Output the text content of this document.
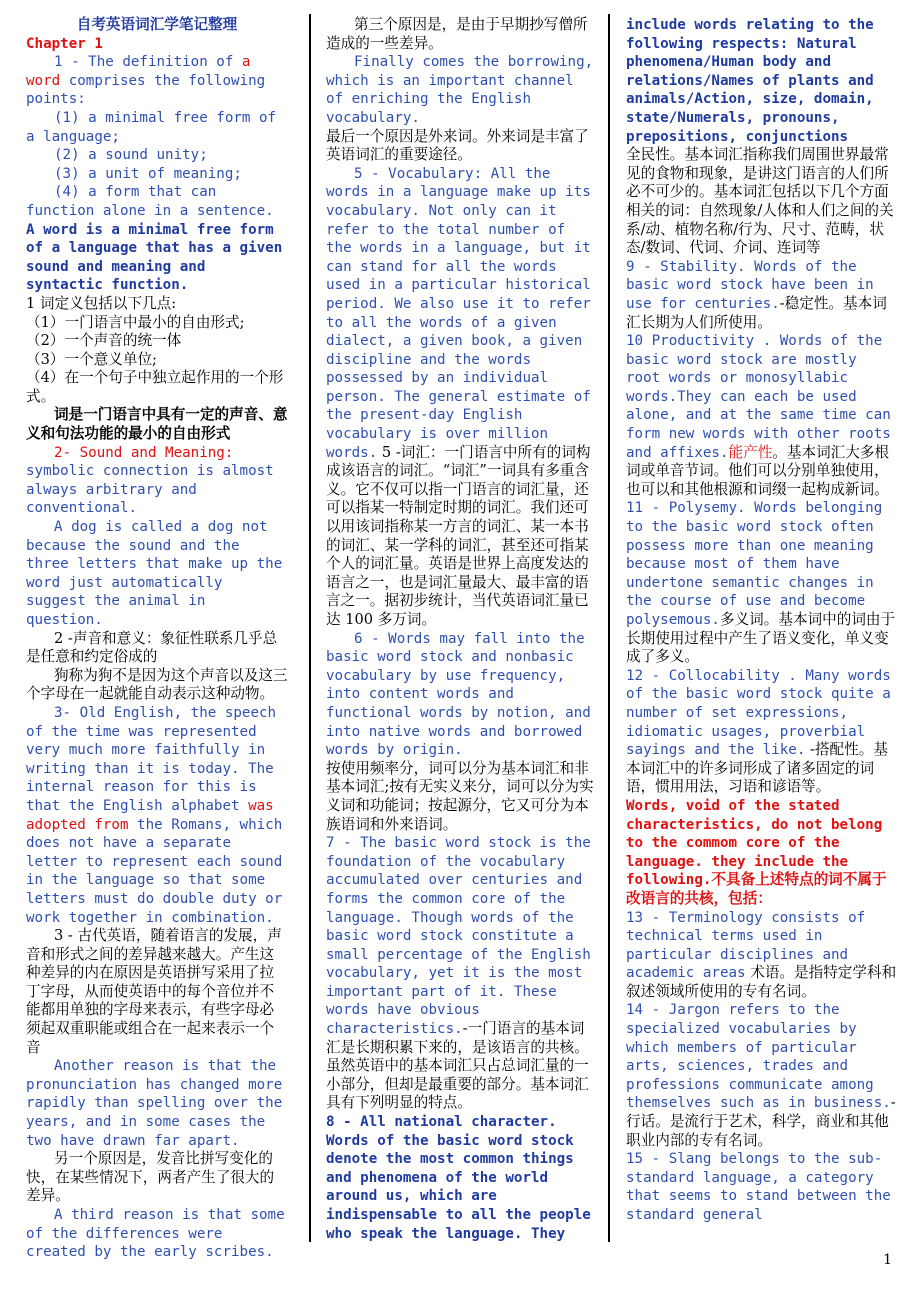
自考英语词汇学笔记整理

Chapter 1

1 - The definition of a word comprises the following points:

(1) a minimal free form of a language;

(2) a sound unity;

(3) a unit of meaning;

(4) a form that can function alone in a sentence.

A word is a minimal free form of a language that has a given sound and meaning and syntactic function.

1 词定义包括以下几点:

（1）一门语言中最小的自由形式;

（2）一个声音的统一体

（3）一个意义单位;

（4）在一个句子中独立起作用的一个形式。

词是一门语言中具有一定的声音、意义和句法功能的最小的自由形式

2- Sound and Meaning:

symbolic connection is almost always arbitrary and conventional.

A dog is called a dog not because the sound and the three letters that make up the word just automatically suggest the animal in question.

2 -声音和意义：象征性联系几乎总是任意和约定俗成的

狗称为狗不是因为这个声音以及这三个字母在一起就能自动表示这种动物。

3- Old English, the speech of the time was represented very much more faithfully in writing than it is today. The internal reason for this is that the English alphabet was adopted from the Romans, which does not have a separate letter to represent each sound in the language so that some letters must do double duty or work together in combination.

3 - 古代英语，随着语言的发展，声音和形式之间的差异越来越大。产生这种差异的内在原因是英语拼写采用了拉丁字母，从而使英语中的每个音位并不能都用单独的字母来表示，有些字母必须起双重职能或组合在一起来表示一个音

Another reason is that the pronunciation has changed more rapidly than spelling over the years, and in some cases the two have drawn far apart.

另一个原因是，发音比拼写变化的快，在某些情况下，两者产生了很大的差异。

A third reason is that some of the differences were created by the early scribes.

第三个原因是，是由于早期抄写僧所造成的一些差异。

Finally comes the borrowing, which is an important channel of enriching the English vocabulary.

最后一个原因是外来词。外来词是丰富了英语词汇的重要途径。

5 - Vocabulary: All the words in a language make up its vocabulary. Not only can it refer to the total number of the words in a language, but it can stand for all the words used in a particular historical period. We also use it to refer to all the words of a given dialect, a given book, a given discipline and the words possessed by an individual person. The general estimate of the present-day English vocabulary is over million words. 5 -词汇：一门语言中所有的词构成该语言的词汇。“词汇”一词具有多重含义。它不仅可以指一门语言的词汇量，还可以指某一特制定时期的词汇。我们还可以用该词指称某一方言的词汇、某一本书的词汇、某一学科的词汇，甚至还可指某个人的词汇量。英语是世界上高度发达的语言之一，也是词汇量最大、最丰富的语言之一。据初步统计，当代英语词汇量已达 100 多万词。

6 - Words may fall into the basic word stock and nonbasic vocabulary by use frequency, into content words and functional words by notion, and into native words and borrowed words by origin.

按使用频率分，词可以分为基本词汇和非基本词汇;按有无实义来分，词可以分为实义词和功能词；按起源分，它又可分为本族语词和外来语词。

7 - The basic word stock is the foundation of the vocabulary accumulated over centuries and forms the common core of the language. Though words of the basic word stock constitute a small percentage of the English vocabulary, yet it is the most important part of it. These words have obvious characteristics.-一门语言的基本词汇是长期积累下来的，是该语言的共核。虽然英语中的基本词汇只占总词汇量的一小部分，但却是最重要的部分。基本词汇具有下列明显的特点。

8 - All national character. Words of the basic word stock denote the most common things and phenomena of the world around us, which are indispensable to all the people who speak the language. They

include words relating to the following respects: Natural phenomena/Human body and relations/Names of plants and animals/Action, size, domain, state/Numerals, pronouns, prepositions, conjunctions

全民性。基本词汇指称我们周围世界最常见的食物和现象，是讲这门语言的人们所必不可少的。基本词汇包括以下几个方面相关的词：自然现象/人体和人们之间的关系/动、植物名称/行为、尺寸、范畴，状态/数词、代词、介词、连词等

9 - Stability. Words of the basic word stock have been in use for centuries.-稳定性。基本词汇长期为人们所使用。

10 Productivity . Words of the basic word stock are mostly root words or monosyllabic words.They can each be used alone, and at the same time can form new words with other roots and affixes.能产性。基本词汇大多根词或单音节词。他们可以分别单独使用，也可以和其他根源和词缀一起构成新词。

11 - Polysemy. Words belonging to the basic word stock often possess more than one meaning because most of them have undertone semantic changes in the course of use and become polysemous.多义词。基本词中的词由于长期使用过程中产生了语义变化，单义变成了多义。

12 - Collocability . Many words of the basic word stock quite a number of set expressions, idiomatic usages, proverbial sayings and the like. -搭配性。基本词汇中的许多词形成了诸多固定的词语，惯用用法，习语和谚语等。

Words, void of the stated characteristics, do not belong to the commom core of the language. they include the following.不具备上述特点的词不属于改语言的共核，包括：

13 - Terminology consists of technical terms used in particular disciplines and academic areas 术语。是指特定学科和叙述领域所使用的专有名词。

14 - Jargon refers to the specialized vocabularies by which members of particular arts, sciences, trades and professions communicate among themselves such as in business.-行话。是流行于艺术，科学，商业和其他职业内部的专有名词。

15 - Slang belongs to the sub-standard language, a category that seems to stand between the standard general

1
